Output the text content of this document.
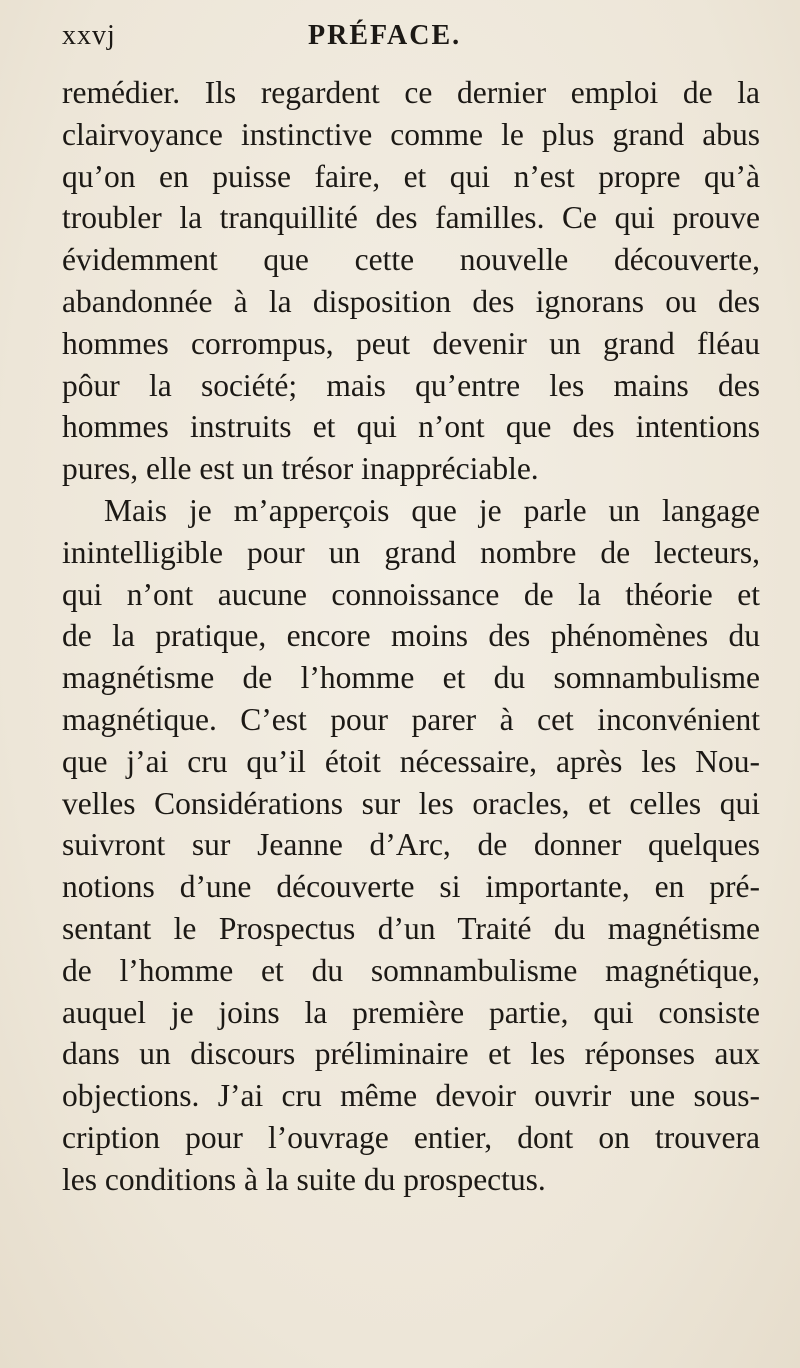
xxvj	PRÉFACE.
remédier. Ils regardent ce dernier emploi de la
clairvoyance instinctive comme le plus grand abus
qu’on en puisse faire, et qui n’est propre qu’à
troubler la tranquillité des familles. Ce qui prouve
évidemment que cette nouvelle découverte,
abandonnée à la disposition des ignorans ou des
hommes corrompus, peut devenir un grand fléau
pôur la société; mais qu’entre les mains des
hommes instruits et qui n’ont que des intentions
pures, elle est un trésor inappréciable.
Mais je m’apperçois que je parle un langage
inintelligible pour un grand nombre de lecteurs,
qui n’ont aucune connoissance de la théorie et
de la pratique, encore moins des phénomènes du
magnétisme de l’homme et du somnambulisme
magnétique. C’est pour parer à cet inconvénient
que j’ai cru qu’il étoit nécessaire, après les Nou-
velles Considérations sur les oracles, et celles qui
suivront sur Jeanne d’Arc, de donner quelques
notions d’une découverte si importante, en pré-
sentant le Prospectus d’un Traité du magnétisme
de l’homme et du somnambulisme magnétique,
auquel je joins la première partie, qui consiste
dans un discours préliminaire et les réponses aux
objections. J’ai cru même devoir ouvrir une sous-
cription pour l’ouvrage entier, dont on trouvera
les conditions à la suite du prospectus.
